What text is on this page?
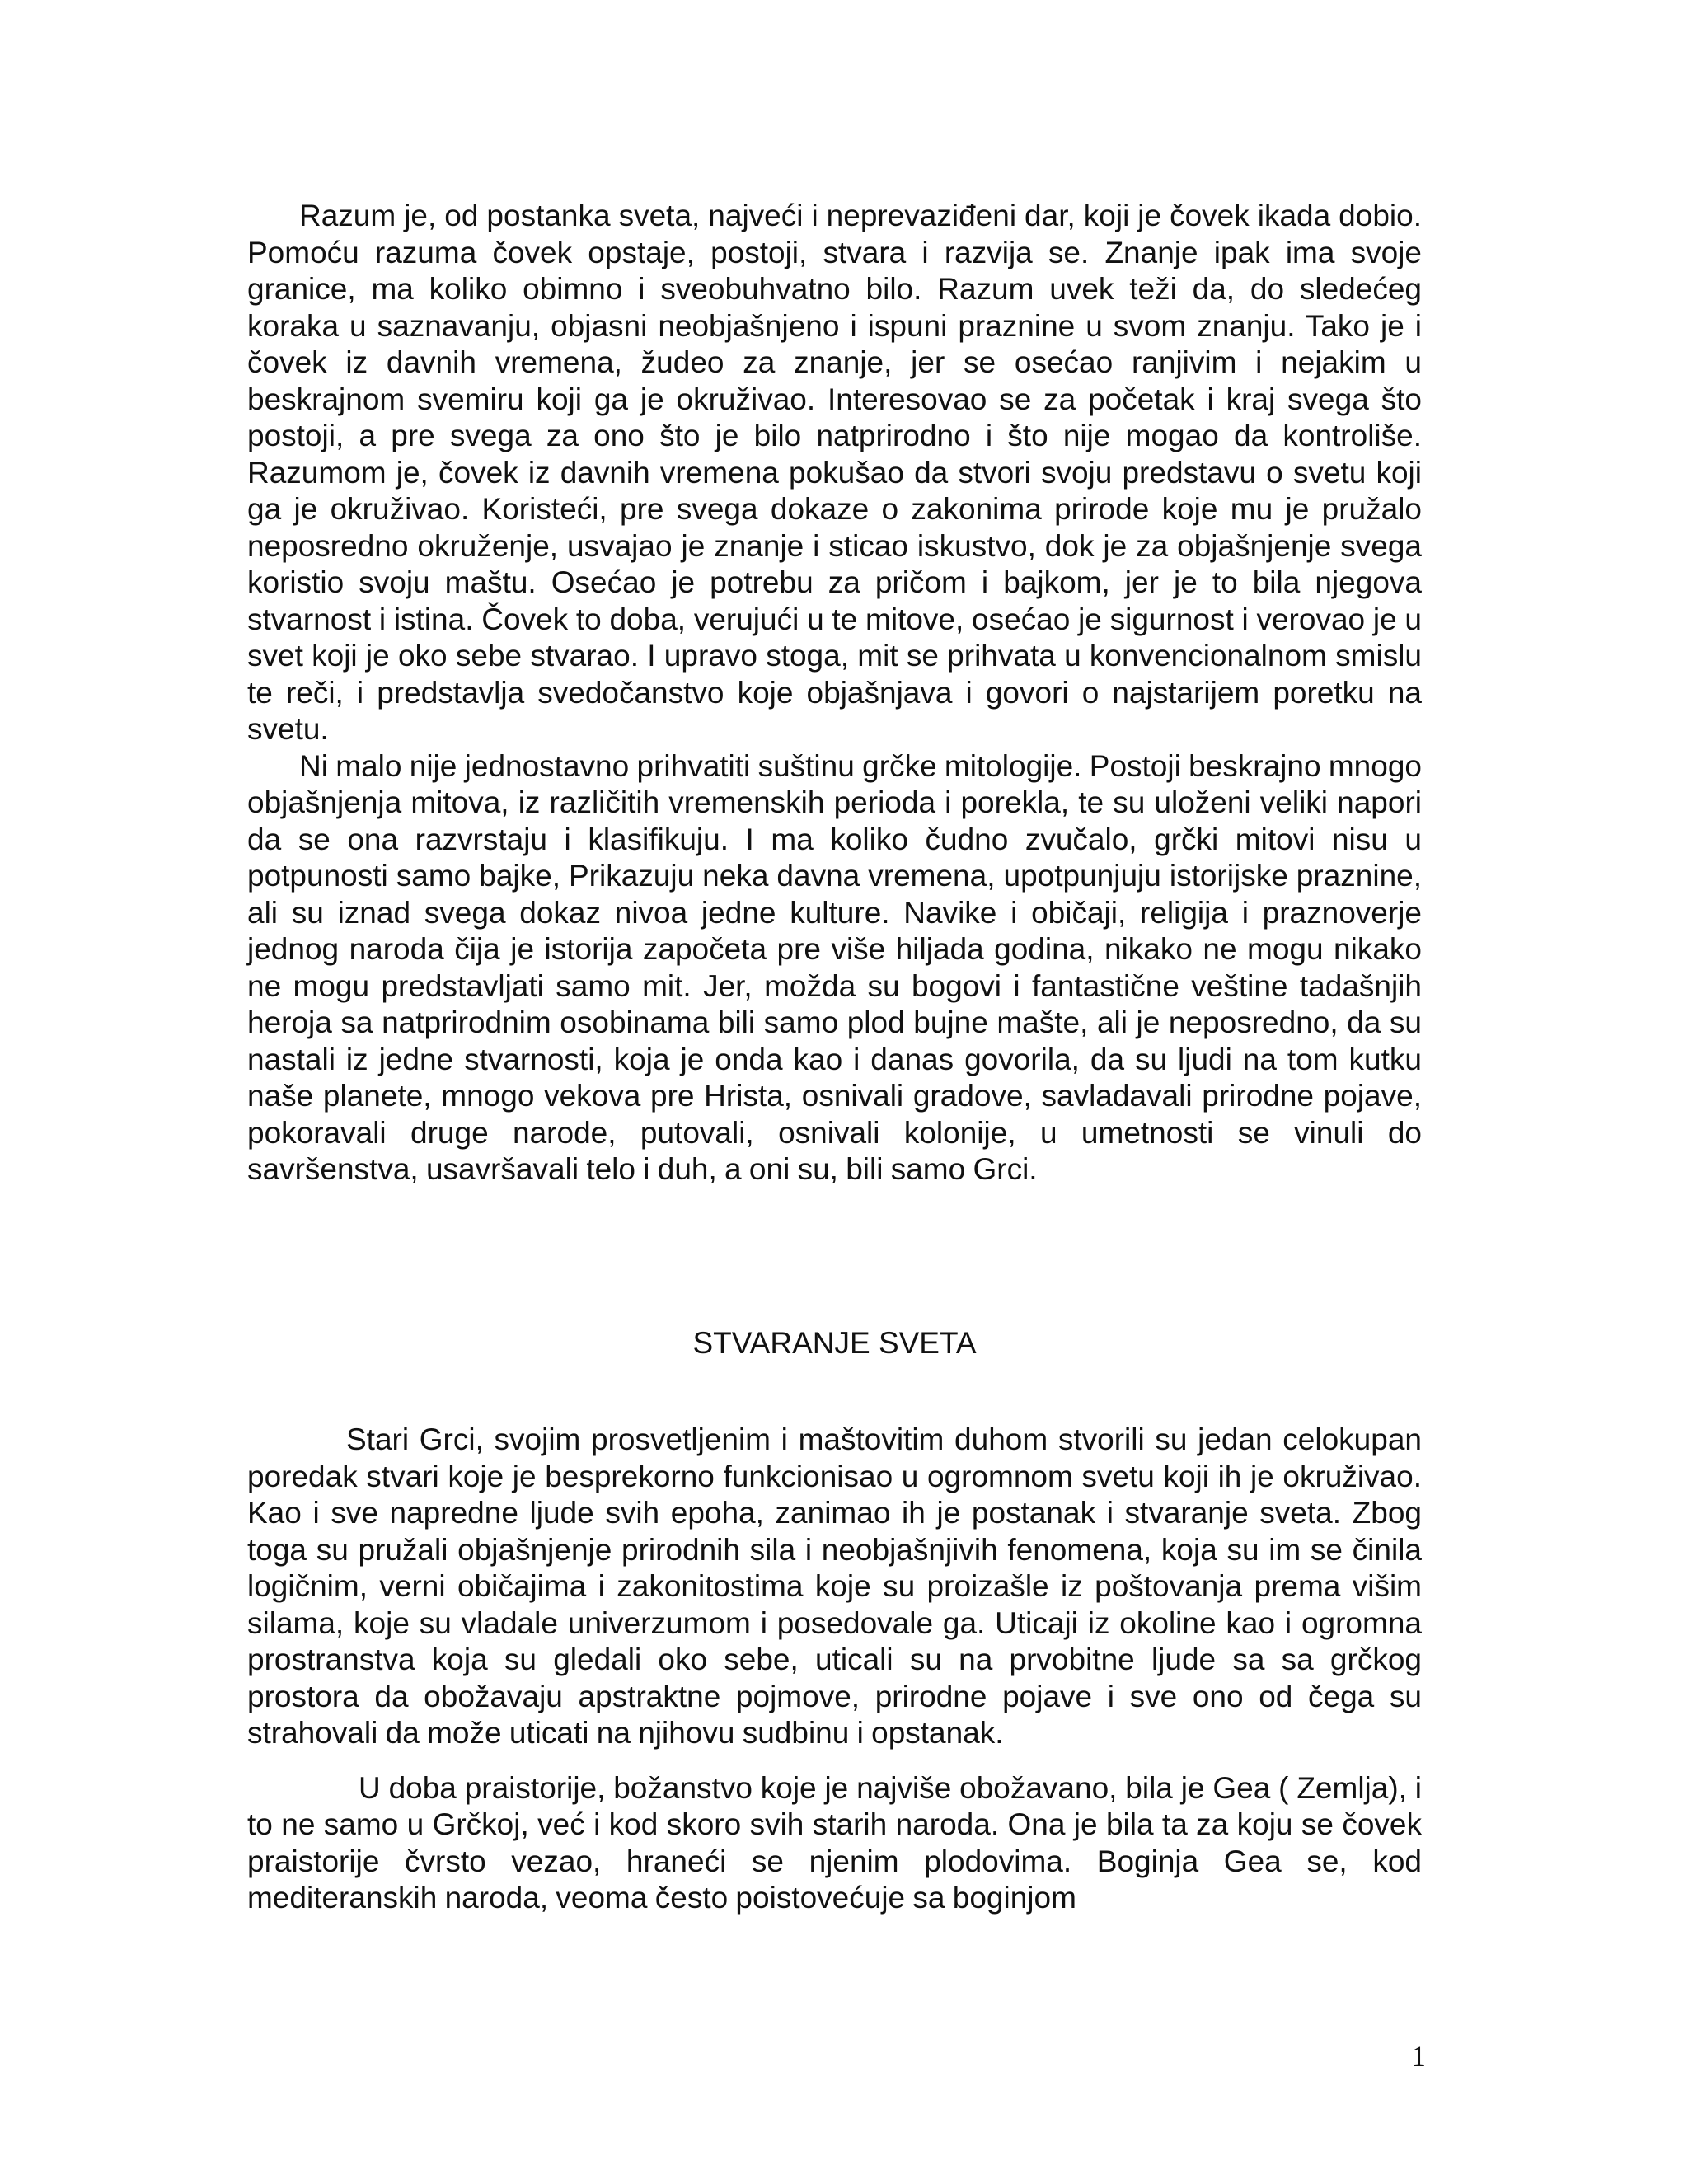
Razum je, od postanka sveta, najveći i neprevaziđeni dar, koji je čovek ikada dobio. Pomoću razuma čovek opstaje, postoji, stvara i razvija se. Znanje ipak ima svoje granice, ma koliko obimno i sveobuhvatno bilo. Razum uvek teži da, do sledećeg koraka u saznavanju, objasni neobjašnjeno i ispuni praznine u svom znanju. Tako je i čovek iz davnih vremena, žudeo za znanje, jer se osećao ranjivim i nejakim u beskrajnom svemiru koji ga je okruživao. Interesovao se za početak i kraj svega što postoji, a pre svega za ono što je bilo natprirodno i što nije mogao da kontroliše. Razumom je, čovek iz davnih vremena pokušao da stvori svoju predstavu o svetu koji ga je okruživao. Koristeći, pre svega dokaze o zakonima prirode koje mu je pružalo neposredno okruženje, usvajao je znanje i sticao iskustvo, dok je za objašnjenje svega koristio svoju maštu. Osećao je potrebu za pričom i bajkom, jer je to bila njegova stvarnost i istina. Čovek to doba, verujući u te mitove, osećao je sigurnost i verovao je u svet koji je oko sebe stvarao. I upravo stoga, mit se prihvata u konvencionalnom smislu te reči, i predstavlja svedočanstvo koje objašnjava i govori o najstarijem poretku na svetu.

Ni malo nije jednostavno prihvatiti suštinu grčke mitologije. Postoji beskrajno mnogo objašnjenja mitova, iz različitih vremenskih perioda i porekla, te su uloženi veliki napori da se ona razvrstaju i klasifikuju. I ma koliko čudno zvučalo, grčki mitovi nisu u potpunosti samo bajke, Prikazuju neka davna vremena, upotpunjuju istorijske praznine, ali su iznad svega dokaz nivoa jedne kulture. Navike i običaji, religija i praznoverje jednog naroda čija je istorija započeta pre više hiljada godina, nikako ne mogu nikako ne mogu predstavljati samo mit. Jer, možda su bogovi i fantastične veštine tadašnjih heroja sa natprirodnim osobinama bili samo plod bujne mašte, ali je neposredno, da su nastali iz jedne stvarnosti, koja je onda kao i danas govorila, da su ljudi na tom kutku naše planete, mnogo vekova pre Hrista, osnivali gradove, savladavali prirodne pojave, pokoravali druge narode, putovali, osnivali kolonije, u umetnosti se vinuli do savršenstva, usavršavali telo i duh, a oni su, bili samo Grci.

STVARANJE SVETA

Stari Grci, svojim prosvetljenim i maštovitim duhom stvorili su jedan celokupan poredak stvari koje je besprekorno funkcionisao u ogromnom svetu koji ih je okruživao. Kao i sve napredne ljude svih epoha, zanimao ih je postanak i stvaranje sveta. Zbog toga su pružali objašnjenje prirodnih sila i neobjašnjivih fenomena, koja su im se činila logičnim, verni običajima i zakonitostima koje su proizašle iz poštovanja prema višim silama, koje su vladale univerzumom i posedovale ga. Uticaji iz okoline kao i ogromna prostranstva koja su gledali oko sebe, uticali su na prvobitne ljude sa sa grčkog prostora da obožavaju apstraktne pojmove, prirodne pojave i sve ono od čega su strahovali da može uticati na njihovu sudbinu i opstanak.

U doba praistorije, božanstvo koje je najviše obožavano, bila je Gea ( Zemlja), i to ne samo u Grčkoj, već i kod skoro svih starih naroda. Ona je bila ta za koju se čovek praistorije čvrsto vezao, hraneći se njenim plodovima. Boginja Gea se, kod mediteranskih naroda, veoma često poistovećuje sa boginjom

1
